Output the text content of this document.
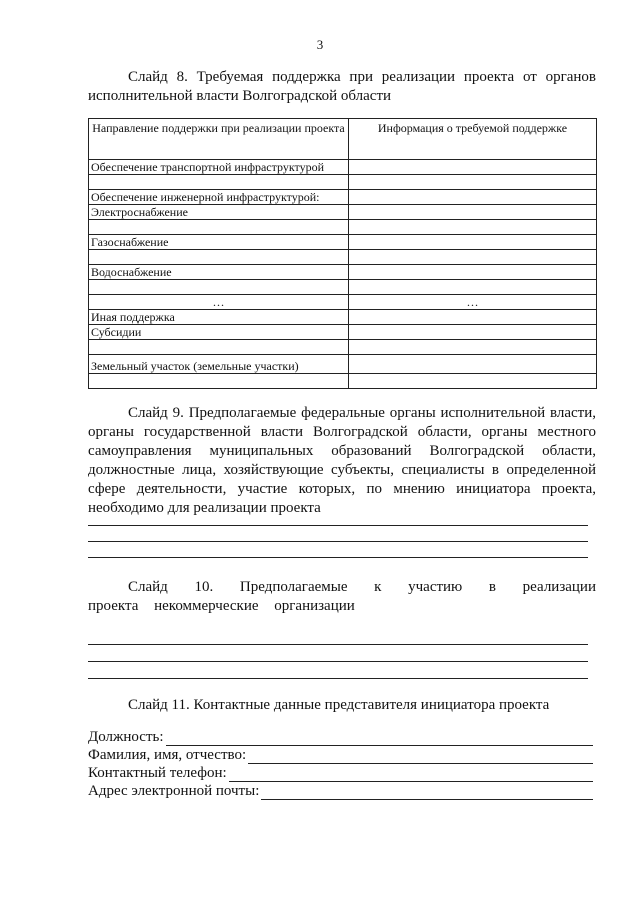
3

Слайд 8. Требуемая поддержка при реализации проекта от органов исполнительной власти Волгоградской области

Направление поддержки при реализации проекта	Информация о требуемой поддержке
Обеспечение транспортной инфраструктурой	

Обеспечение инженерной инфраструктурой:	
Электроснабжение	

Газоснабжение	

Водоснабжение	

…	…
Иная поддержка	
Субсидии	

Земельный участок (земельные участки)	

Слайд 9. Предполагаемые федеральные органы исполнительной власти, органы государственной власти Волгоградской области, органы местного самоуправления муниципальных образований Волгоградской области, должностные лица, хозяйствующие субъекты, специалисты в определенной сфере деятельности, участие которых, по мнению инициатора проекта, необходимо для реализации проекта

Слайд 10. Предполагаемые к участию в реализации проекта некоммерческие организации

Слайд 11. Контактные данные представителя инициатора проекта

Должность:
Фамилия, имя, отчество:
Контактный телефон:
Адрес электронной почты:
